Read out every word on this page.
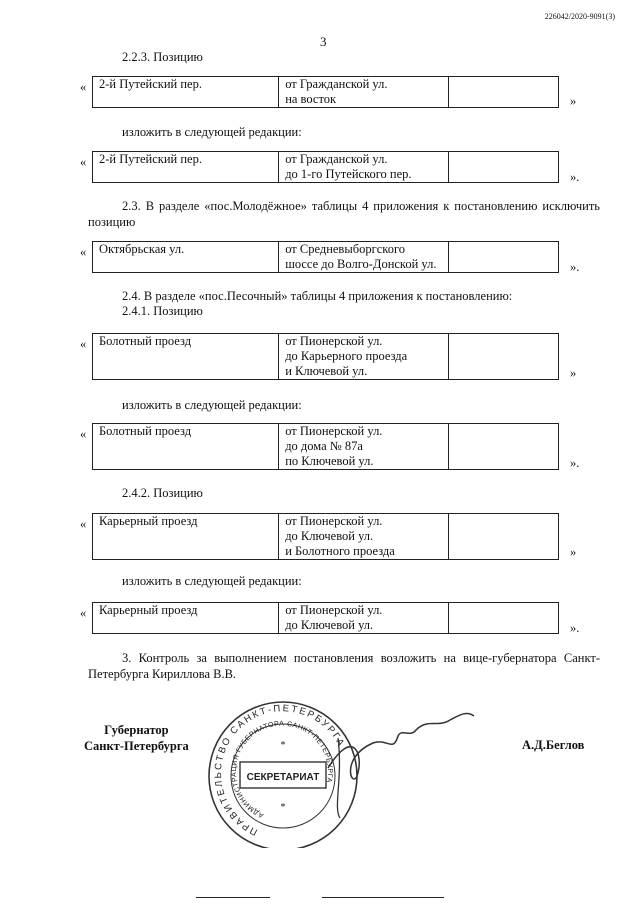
226042/2020-9091(3)
3
2.2.3. Позицию
« 2-й Путейский пер.	от Гражданской ул.
на восток
		»
изложить в следующей редакции:
« 2-й Путейский пер.	от Гражданской ул.
до 1-го Путейского пер.
		».
2.3. В разделе «пос.Молодёжное» таблицы 4 приложения к постановлению исключить позицию
« Октябрьская ул.	от Средневыборгского
шоссе до Волго-Донской ул.
		».
2.4. В разделе «пос.Песочный» таблицы 4 приложения к постановлению:
2.4.1. Позицию
« Болотный проезд	от Пионерской ул.
до Карьерного проезда
и Ключевой ул.
		»
изложить в следующей редакции:
« Болотный проезд	от Пионерской ул.
до дома № 87а
по Ключевой ул.
		».
2.4.2. Позицию
« Карьерный проезд	от Пионерской ул.
до Ключевой ул.
и Болотного проезда
		»
изложить в следующей редакции:
« Карьерный проезд	от Пионерской ул.
до Ключевой ул.
		».
3. Контроль за выполнением постановления возложить на вице-губернатора Санкт-Петербурга Кириллова В.В.
Губернатор
Санкт-Петербурга
ПРАВИТЕЛЬСТВО САНКТ-ПЕТЕРБУРГА
АДМИНИСТРАЦИЯ ГУБЕРНАТОРА САНКТ-ПЕТЕРБУРГА
СЕКРЕТАРИАТ
*
*	А.Д.Беглов
